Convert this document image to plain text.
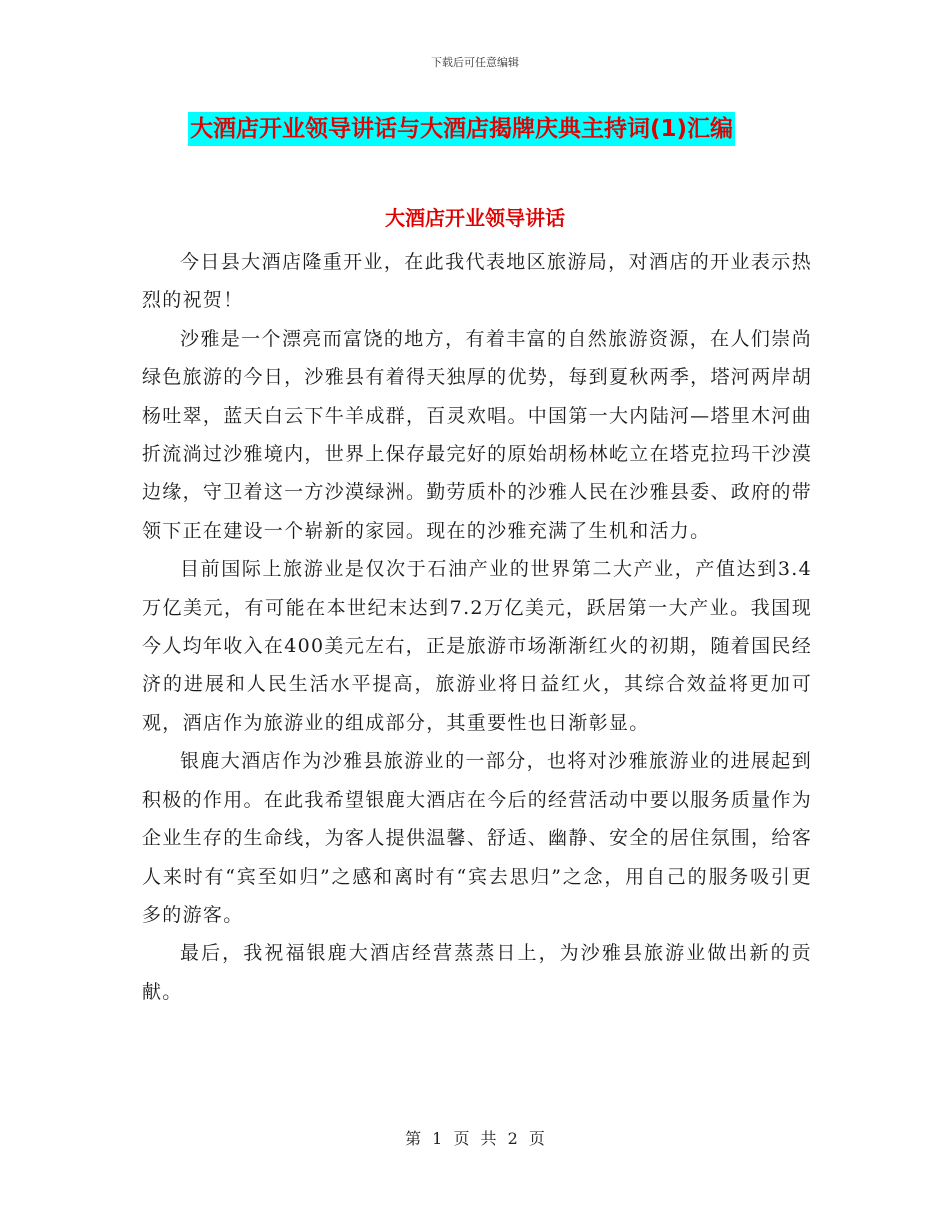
下载后可任意编辑
大酒店开业领导讲话与大酒店揭牌庆典主持词(1)汇编
大酒店开业领导讲话

今日县大酒店隆重开业，在此我代表地区旅游局，对酒店的开业表示热烈的祝贺！

沙雅是一个漂亮而富饶的地方，有着丰富的自然旅游资源，在人们崇尚绿色旅游的今日，沙雅县有着得天独厚的优势，每到夏秋两季，塔河两岸胡杨吐翠，蓝天白云下牛羊成群，百灵欢唱。中国第一大内陆河—塔里木河曲折流淌过沙雅境内，世界上保存最完好的原始胡杨林屹立在塔克拉玛干沙漠边缘，守卫着这一方沙漠绿洲。勤劳质朴的沙雅人民在沙雅县委、政府的带领下正在建设一个崭新的家园。现在的沙雅充满了生机和活力。

目前国际上旅游业是仅次于石油产业的世界第二大产业，产值达到3.4万亿美元，有可能在本世纪末达到7.2万亿美元，跃居第一大产业。我国现今人均年收入在400美元左右，正是旅游市场渐渐红火的初期，随着国民经济的进展和人民生活水平提高，旅游业将日益红火，其综合效益将更加可观，酒店作为旅游业的组成部分，其重要性也日渐彰显。

银鹿大酒店作为沙雅县旅游业的一部分，也将对沙雅旅游业的进展起到积极的作用。在此我希望银鹿大酒店在今后的经营活动中要以服务质量作为企业生存的生命线，为客人提供温馨、舒适、幽静、安全的居住氛围，给客人来时有“宾至如归”之感和离时有“宾去思归”之念，用自己的服务吸引更多的游客。

最后，我祝福银鹿大酒店经营蒸蒸日上，为沙雅县旅游业做出新的贡献。

第 1 页 共 2 页
